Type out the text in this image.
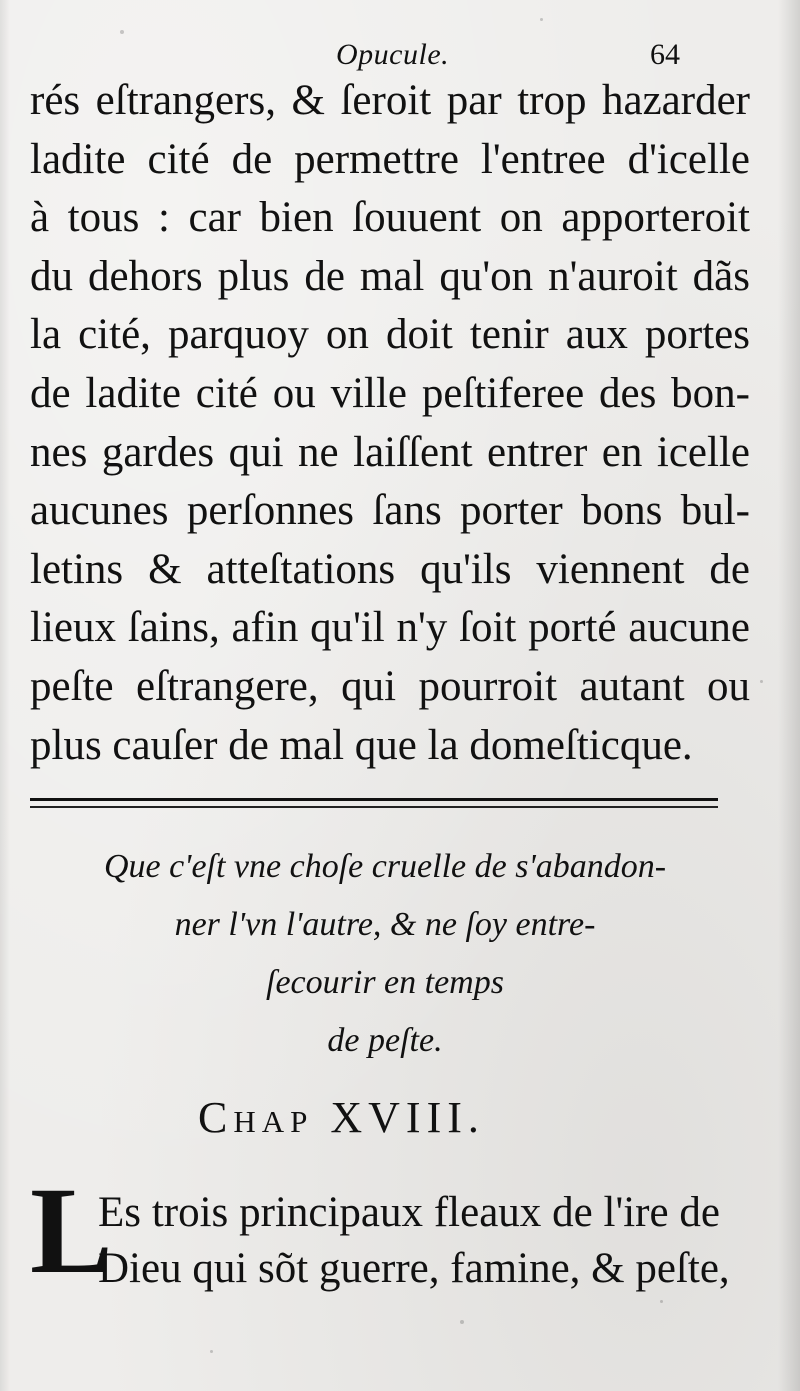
Opucule.	64
rés eſtrangers, & ſeroit par trop hazarder
ladite cité de permettre l'entree d'icelle
à tous : car bien ſouuent on apporteroit
du dehors plus de mal qu'on n'auroit dãs
la cité, parquoy on doit tenir aux portes
de ladite cité ou ville peſtiferee des bon-
nes gardes qui ne laiſſent entrer en icelle
aucunes perſonnes ſans porter bons bul-
letins & atteſtations qu'ils viennent de
lieux ſains, afin qu'il n'y ſoit porté aucune
peſte eſtrangere, qui pourroit autant ou
plus cauſer de mal que la domeſticque.
Que c'eſt vne choſe cruelle de s'abandon-
ner l'vn l'autre, & ne ſoy entre-
ſecourir en temps
de peſte.
Chap XVIII.
L
Es trois principaux fleaux de l'ire de
Dieu qui sõt guerre, famine, & peſte,
